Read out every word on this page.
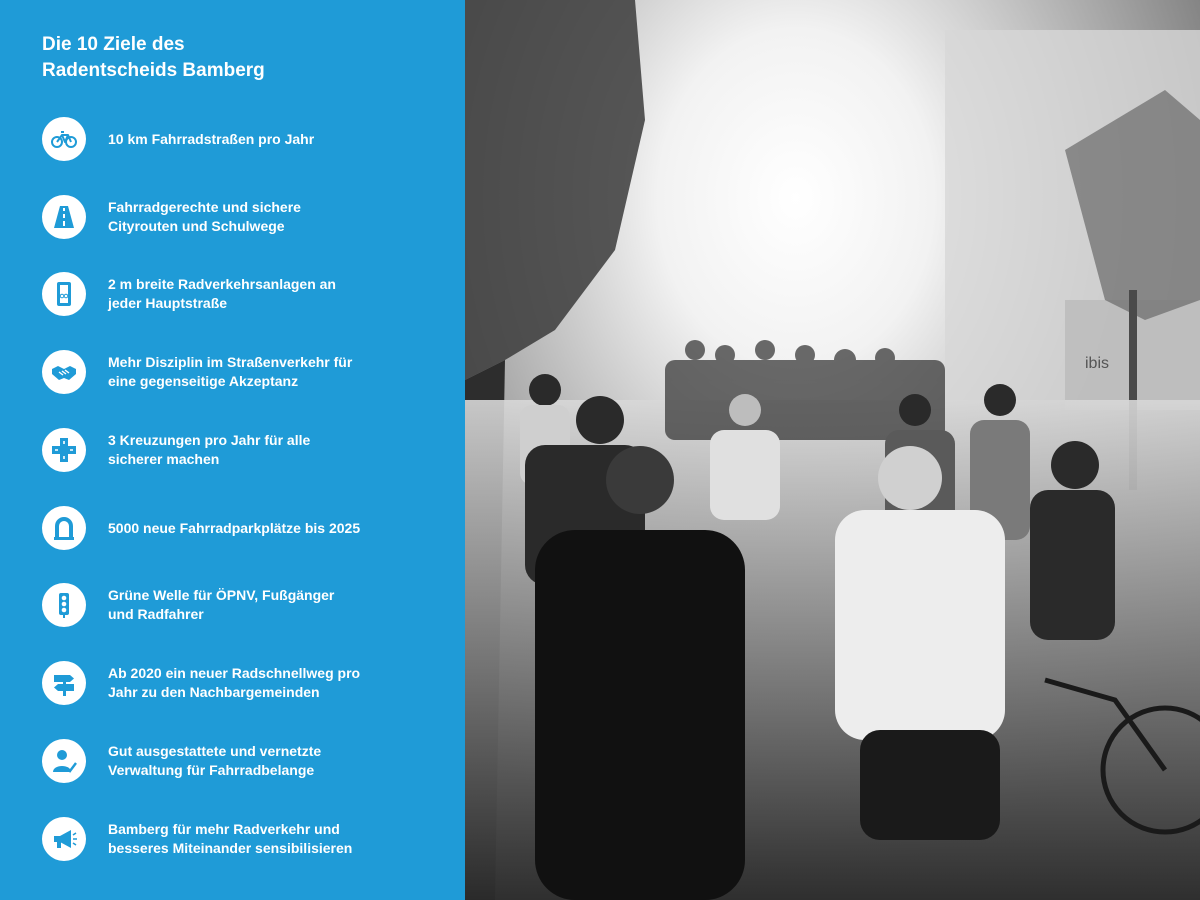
Die 10 Ziele des
Radentscheids Bamberg
10 km Fahrradstraßen pro Jahr
Fahrradgerechte und sichere
Cityrouten und Schulwege
2 m breite Radverkehrsanlagen an
jeder Hauptstraße
Mehr Disziplin im Straßenverkehr für
eine gegenseitige Akzeptanz
3 Kreuzungen pro Jahr für alle
sicherer machen
5000 neue Fahrradparkplätze bis 2025
Grüne Welle für ÖPNV, Fußgänger
und Radfahrer
Ab 2020 ein neuer Radschnellweg pro
Jahr zu den Nachbargemeinden
Gut ausgestattete und vernetzte
Verwaltung für Fahrradbelange
Bamberg für mehr Radverkehr und
besseres Miteinander sensibilisieren
ibis
